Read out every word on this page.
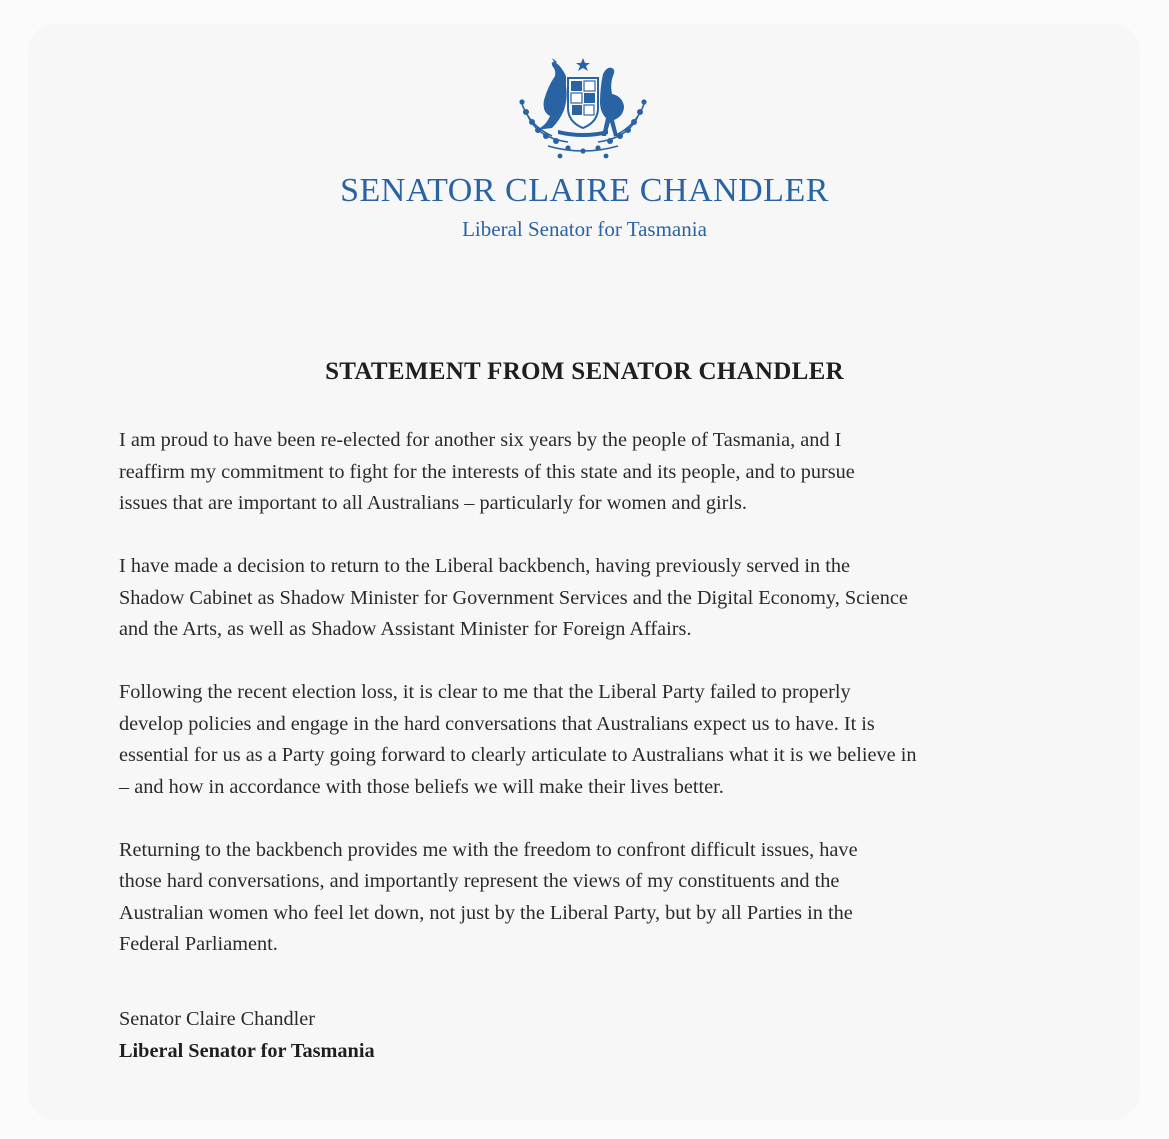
SENATOR CLAIRE CHANDLER
Liberal Senator for Tasmania
STATEMENT FROM SENATOR CHANDLER

I am proud to have been re-elected for another six years by the people of Tasmania, and I
reaffirm my commitment to fight for the interests of this state and its people, and to pursue
issues that are important to all Australians – particularly for women and girls.

I have made a decision to return to the Liberal backbench, having previously served in the
Shadow Cabinet as Shadow Minister for Government Services and the Digital Economy, Science
and the Arts, as well as Shadow Assistant Minister for Foreign Affairs.

Following the recent election loss, it is clear to me that the Liberal Party failed to properly
develop policies and engage in the hard conversations that Australians expect us to have. It is
essential for us as a Party going forward to clearly articulate to Australians what it is we believe in
– and how in accordance with those beliefs we will make their lives better.

Returning to the backbench provides me with the freedom to confront difficult issues, have
those hard conversations, and importantly represent the views of my constituents and the
Australian women who feel let down, not just by the Liberal Party, but by all Parties in the
Federal Parliament.

Senator Claire Chandler
Liberal Senator for Tasmania
